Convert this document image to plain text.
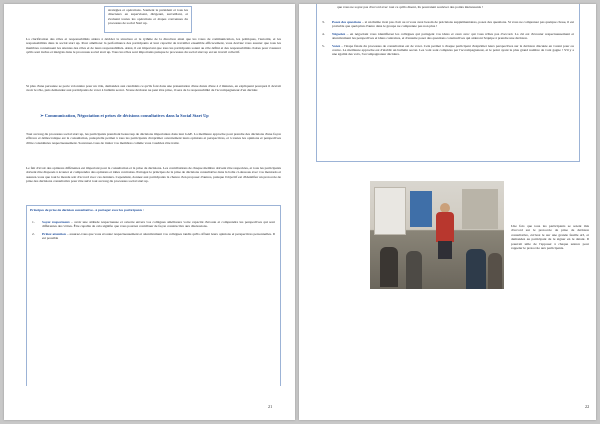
stratégies et opérations. Soutient le président et tous les directeurs en supervisant, dirigeant, surveillant, et évaluant toutes les opérations et étapes convenues du processus de social Start up.

La clarification des rôles et responsabilités aidera à décider la structure et le rythme de la direction ainsi que les voies de communication, les politiques, l'autorité, et les responsabilités dans le social start up. Pour améliorer la performance des participants et leur capacité de travailler ensemble efficacement, vous devriez vous assurer que tous les membres connaissent les attentes des rôles et de leurs responsabilités. Ainsi, il est important que tous les participants soient au rôle défini et des responsabilités claires pour s'assurer qu'ils sont inclus et intégrés dans le processus social start up. Tous les rôles sont importants puisque le processus du social start up est un travail collectif.

Si plus d'une personne se porte volontaire pour un rôle, demandez aux candidats ce qu'ils font dans une présentation d'une durée d'une à 2 minutes, en expliquant pourquoi il devrait avoir le rôle, puis demandez aux participants de voter à bulletin secret. Si une décision ne peut être prise, il sera de la responsabilité de l'accompagnateur d'en décider.

➢ Communication, Négociation et prises de décisions consultatives dans la Social Start Up

Tout au long du processus social start up, les participants prendront beaucoup de décisions importantes dans leur GAE. La meilleure approche pour prendre des décisions d'une façon efficace et démocratique est la consultation, puisqu'elle permet à tous les participants d'exprimer ouvertement leurs opinions et perspectives, et à toutes les opinions et perspectives d'être considérées respectueusement. Souvenez-vous de traiter vos membres comme vous voudriez être traité.

Le fait d'avoir des opinions différentes est important pour la consultation et la prise de décisions. Les contributions de chaque membre doivent être respectées, et tous les participants doivent être disposés à écouter et comprendre des opinions et idées contraires. Partagez le principes de la prise de décisions consultative dans la boîte ci-dessous avec vos mentorés et assurez-vous que tout le monde soit d'accord avec ces derniers. Cependant, donnez aux participants la chance d'en proposer d'autres, puisque l'objectif est d'identifier un protocole de prise des décisions consultative pour être suivi tout au long du processus social start up.

Principes de prise de décision consultative– à partager avec les participants :
1. Soyez respectueux – avoir une attitude respectueuse et ouverte envers vos collègues améliorera votre capacité d'écoute et comprendre les perspectives qui sont différentes des vôtres. Être capable de cela signifie que vous pourrez contribuer de façon constructive aux discussions.
2. Prêtez attention – assurez-vous que vous écoutez respectueusement et attentivement vos collègues tandis qu'ils offrent leurs opinions et perspectives personnelles. Il est possible
21

que vous ne soyez pas d'accord avec tout ce qu'ils disent, ils pourraient soulever des points intéressants !

3. Posez des questions – si un thème n'est pas clair ou si vous avez besoin de précisions supplémentaires, posez des questions. Si vous ne comprenez pas quelque chose, il est probable que quelqu'un d'autre dans le groupe ne comprenne pas non plus !
4. Négociez – en négociant vous identifierez les collègues qui partagent vos idées et ceux avec qui vous n'êtes pas d'accord. La clé est d'écouter respectueusement et attentivement les perspectives et idées contraires, et d'ensuite poser des questions constructives qui aideront l'équipe à prendre une décision.
5. Votez – l'étape finale du processus de consultation est de voter. Cela permet à chaque participant d'exprimer leurs perspectives sur la décision discutée en votant pour ou contre. La meilleure approche est d'établir un bulletin secret. Les voix sont comptées par l'accompagnateur, et le point ayant le plus grand nombre de voix gagne ! S'il y a une égalité des voix, l'accompagnateur décidera.

Une fois que tous les participants se soient mis d'accord sur le protocole de prise de décision consultative, écrivez le sur une grande feuille A3, et demandez au participant de le signer en le datant. Il pourrait utile de l'apposer à chaque séance pour rappeler le protocole aux participants.

22
